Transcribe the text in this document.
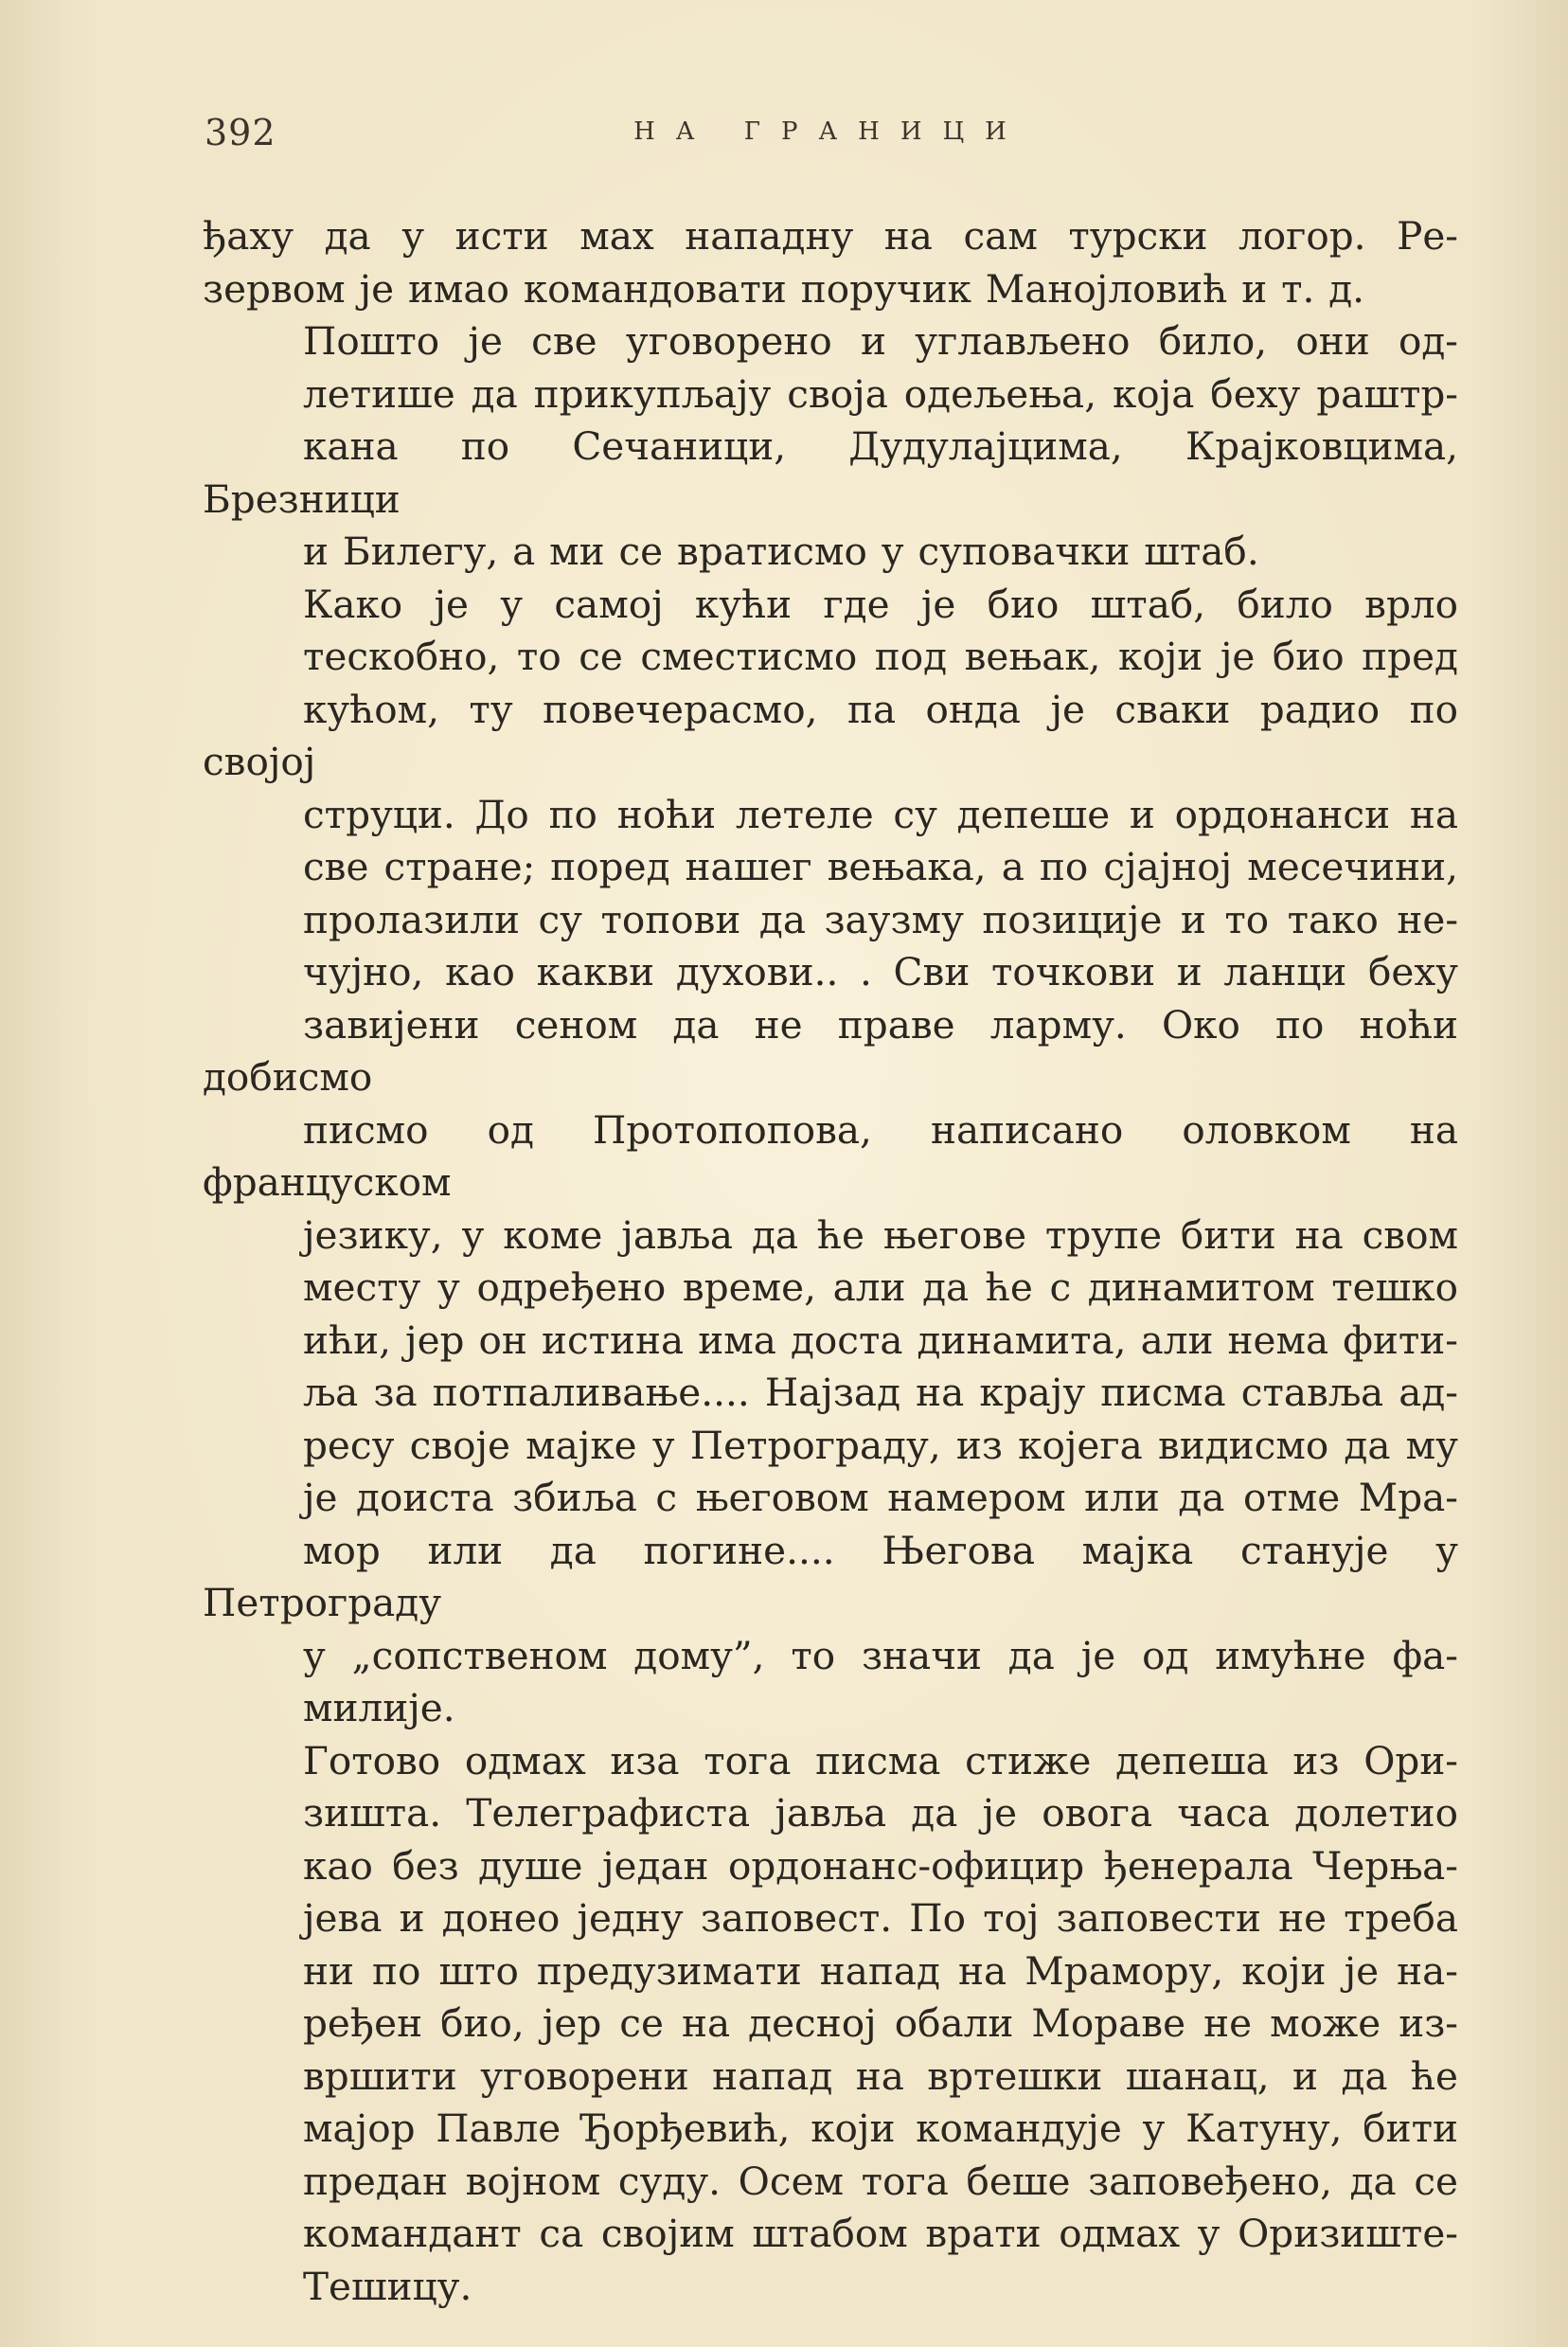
392	НА ГРАНИЦИ

ђаху да у исти мах нападну на сам турски логор. Ре-
зервом је имао командовати поручик Манојловић и т. д.

Пошто је све уговорено и углављено било, они од-
летише да прикупљају своја одељења, која беху раштр-
кана по Сечаници, Дудулајцима, Крајковцима, Брезници
и Билегу, а ми се вратисмо у суповачки штаб.

Како је у самој кући где је био штаб, било врло
тескобно, то се сместисмо под вењак, који је био пред
кућом, ту повечерасмо, па онда је сваки радио по својој
струци. До по ноћи летеле су депеше и ордонанси на
све стране; поред нашег вењака, а по сјајној месечини,
пролазили су топови да заузму позиције и то тако не-
чујно, као какви духови.. . Сви точкови и ланци беху
завијени сеном да не праве ларму. Око по ноћи добисмо
писмо од Протопопова, написано оловком на француском
језику, у коме јавља да ће његове трупе бити на свом
месту у одређено време, али да ће с динамитом тешко
ићи, јер он истина има доста динамита, али нема фити-
ља за потпаливање.... Најзад на крају писма ставља ад-
ресу своје мајке у Петрограду, из којега видисмо да му
је доиста збиља с његовом намером или да отме Мра-
мор или да погине.... Његова мајка станује у Петрограду
у „сопственом дому”, то значи да је од имућне фа-
милије.

Готово одмах иза тога писма стиже депеша из Ори-
зишта. Телеграфиста јавља да је овога часа долетио
као без душе један ордонанс-официр ђенерала Черња-
јева и донео једну заповест. По тој заповести не треба
ни по што предузимати напад на Мрамору, који је на-
ређен био, јер се на десној обали Мораве не може из-
вршити уговорени напад на вртешки шанац, и да ће
мајор Павле Ђорђевић, који командује у Катуну, бити
предан војном суду. Осем тога беше заповеђено, да се
командант са својим штабом врати одмах у Оризиште-
Тешицу.
